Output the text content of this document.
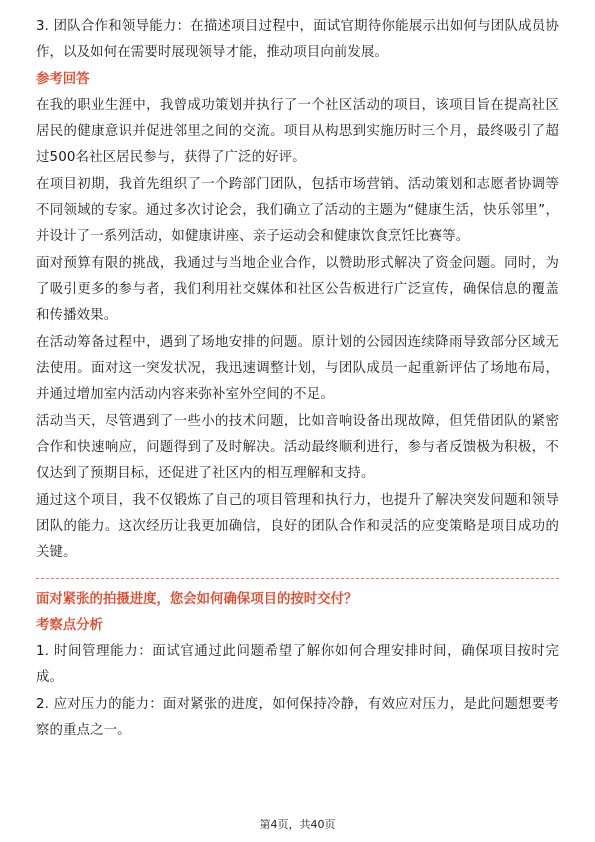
3. 团队合作和领导能力：在描述项目过程中，面试官期待你能展示出如何与团队成员协作，以及如何在需要时展现领导才能，推动项目向前发展。

参考回答

在我的职业生涯中，我曾成功策划并执行了一个社区活动的项目，该项目旨在提高社区居民的健康意识并促进邻里之间的交流。项目从构思到实施历时三个月，最终吸引了超过500名社区居民参与，获得了广泛的好评。

在项目初期，我首先组织了一个跨部门团队，包括市场营销、活动策划和志愿者协调等不同领域的专家。通过多次讨论会，我们确立了活动的主题为“健康生活，快乐邻里”，并设计了一系列活动，如健康讲座、亲子运动会和健康饮食烹饪比赛等。

面对预算有限的挑战，我通过与当地企业合作，以赞助形式解决了资金问题。同时，为了吸引更多的参与者，我们利用社交媒体和社区公告板进行广泛宣传，确保信息的覆盖和传播效果。

在活动筹备过程中，遇到了场地安排的问题。原计划的公园因连续降雨导致部分区域无法使用。面对这一突发状况，我迅速调整计划，与团队成员一起重新评估了场地布局，并通过增加室内活动内容来弥补室外空间的不足。

活动当天，尽管遇到了一些小的技术问题，比如音响设备出现故障，但凭借团队的紧密合作和快速响应，问题得到了及时解决。活动最终顺利进行，参与者反馈极为积极，不仅达到了预期目标，还促进了社区内的相互理解和支持。

通过这个项目，我不仅锻炼了自己的项目管理和执行力，也提升了解决突发问题和领导团队的能力。这次经历让我更加确信，良好的团队合作和灵活的应变策略是项目成功的关键。

面对紧张的拍摄进度，您会如何确保项目的按时交付？

考察点分析

1. 时间管理能力：面试官通过此问题希望了解你如何合理安排时间，确保项目按时完成。

2. 应对压力的能力：面对紧张的进度，如何保持冷静，有效应对压力，是此问题想要考察的重点之一。

第4页，共40页
